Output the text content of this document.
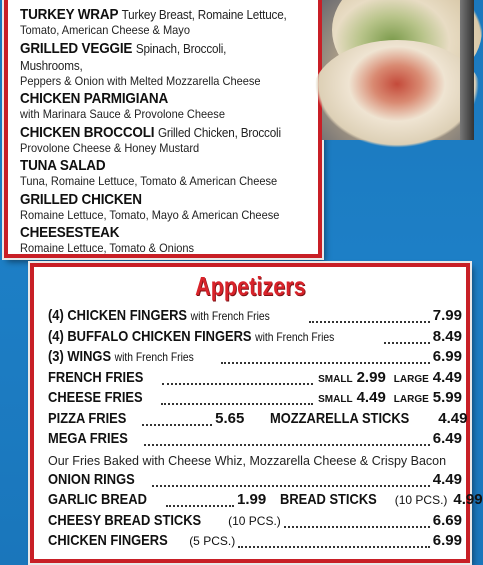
TURKEY WRAP Turkey Breast, Romaine Lettuce,
Tomato, American Cheese & Mayo
GRILLED VEGGIE Spinach, Broccoli, Mushrooms,
Peppers & Onion with Melted Mozzarella Cheese
CHICKEN PARMIGIANA
with Marinara Sauce & Provolone Cheese
CHICKEN BROCCOLI Grilled Chicken, Broccoli
Provolone Cheese & Honey Mustard
TUNA SALAD
Tuna, Romaine Lettuce, Tomato & American Cheese
GRILLED CHICKEN
Romaine Lettuce, Tomato, Mayo & American Cheese
CHEESESTEAK
Romaine Lettuce, Tomato & Onions
Appetizers
(4) CHICKEN FINGERS with French Fries	7.99
(4) BUFFALO CHICKEN FINGERS with French Fries	8.49
(3) WINGS with French Fries	6.99
FRENCH FRIES	SMALL 2.99 LARGE 4.49
CHEESE FRIES	SMALL 4.49 LARGE 5.99
PIZZA FRIES	5.65 MOZZARELLA STICKS 4.49
MEGA FRIES	6.49
Our Fries Baked with Cheese Whiz, Mozzarella Cheese & Crispy Bacon
ONION RINGS	4.49
GARLIC BREAD	1.99 BREAD STICKS (10 PCS.) 4.99
CHEESY BREAD STICKS (10 PCS.)	6.69
CHICKEN FINGERS (5 PCS.)	6.99
